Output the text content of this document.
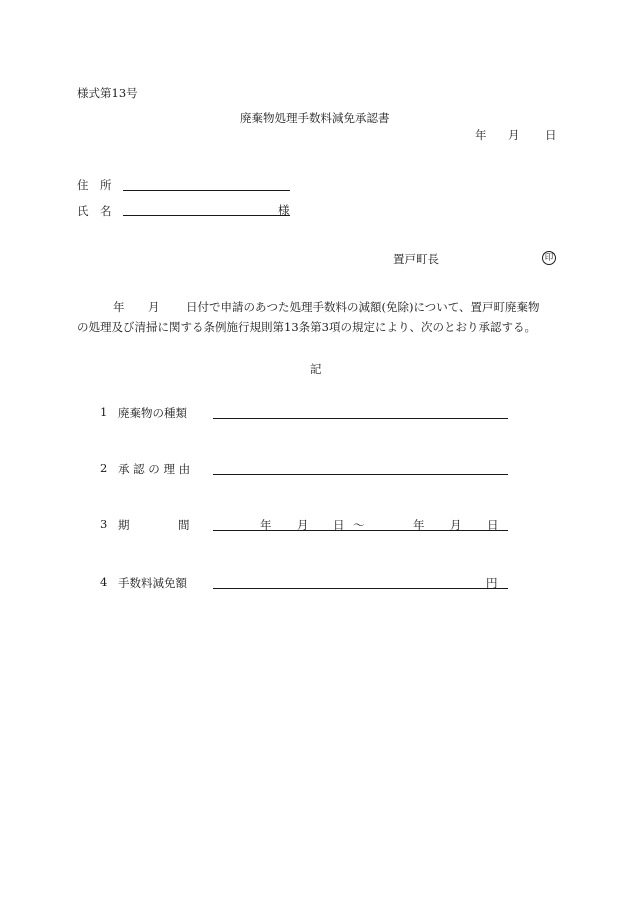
様式第13号
廃棄物処理手数料減免承認書
年 月 日
住 所
氏 名	様
置戸町長	印
年 月 日付で申請のあつた処理手数料の減額(免除)について、置戸町廃棄物
の処理及び清掃に関する条例施行規則第13条第3項の規定により、次のとおり承認する。
記
1 廃棄物の種類
2 承 認 の 理 由
3 期	間	年 月 日 ～	年 月 日
4 手数料減免額	円
